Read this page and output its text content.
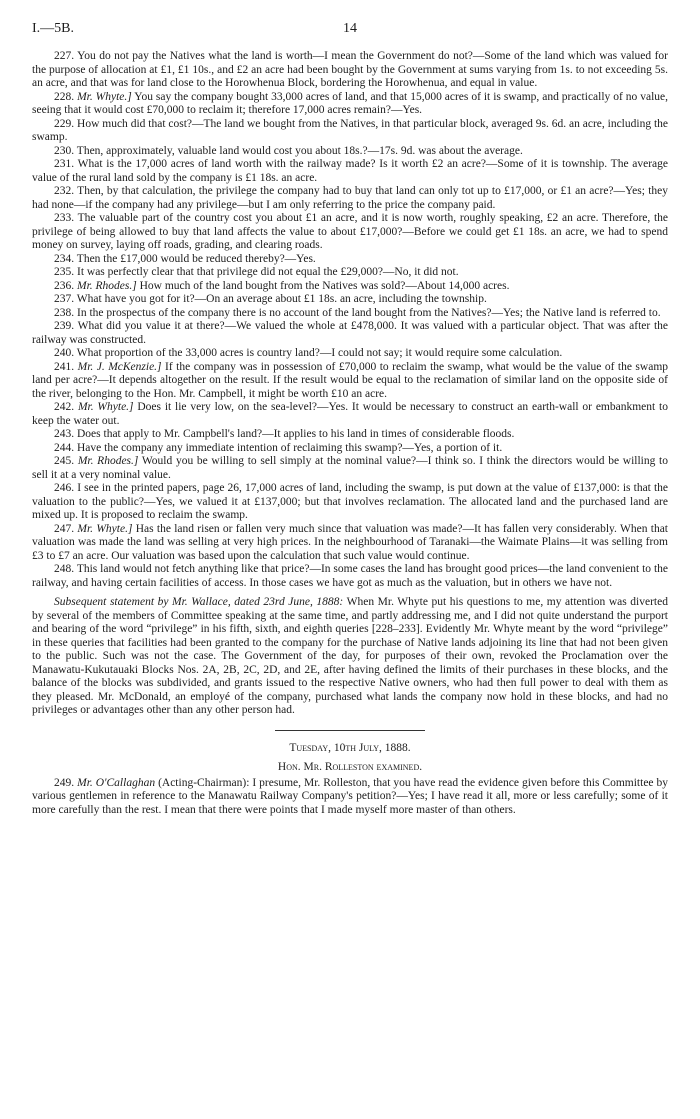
I.—5B.	14

227. You do not pay the Natives what the land is worth—I mean the Government do not?—Some of the land which was valued for the purpose of allocation at £1, £1 10s., and £2 an acre had been bought by the Government at sums varying from 1s. to not exceeding 5s. an acre, and that was for land close to the Horowhenua Block, bordering the Horowhenua, and equal in value.

228. Mr. Whyte.] You say the company bought 33,000 acres of land, and that 15,000 acres of it is swamp, and practically of no value, seeing that it would cost £70,000 to reclaim it; therefore 17,000 acres remain?—Yes.

229. How much did that cost?—The land we bought from the Natives, in that particular block, averaged 9s. 6d. an acre, including the swamp.

230. Then, approximately, valuable land would cost you about 18s.?—17s. 9d. was about the average.

231. What is the 17,000 acres of land worth with the railway made? Is it worth £2 an acre?—Some of it is township. The average value of the rural land sold by the company is £1 18s. an acre.

232. Then, by that calculation, the privilege the company had to buy that land can only tot up to £17,000, or £1 an acre?—Yes; they had none—if the company had any privilege—but I am only referring to the price the company paid.

233. The valuable part of the country cost you about £1 an acre, and it is now worth, roughly speaking, £2 an acre. Therefore, the privilege of being allowed to buy that land affects the value to about £17,000?—Before we could get £1 18s. an acre, we had to spend money on survey, laying off roads, grading, and clearing roads.

234. Then the £17,000 would be reduced thereby?—Yes.

235. It was perfectly clear that that privilege did not equal the £29,000?—No, it did not.

236. Mr. Rhodes.] How much of the land bought from the Natives was sold?—About 14,000 acres.

237. What have you got for it?—On an average about £1 18s. an acre, including the township.

238. In the prospectus of the company there is no account of the land bought from the Natives?—Yes; the Native land is referred to.

239. What did you value it at there?—We valued the whole at £478,000. It was valued with a particular object. That was after the railway was constructed.

240. What proportion of the 33,000 acres is country land?—I could not say; it would require some calculation.

241. Mr. J. McKenzie.] If the company was in possession of £70,000 to reclaim the swamp, what would be the value of the swamp land per acre?—It depends altogether on the result. If the result would be equal to the reclamation of similar land on the opposite side of the river, belonging to the Hon. Mr. Campbell, it might be worth £10 an acre.

242. Mr. Whyte.] Does it lie very low, on the sea-level?—Yes. It would be necessary to construct an earth-wall or embankment to keep the water out.

243. Does that apply to Mr. Campbell's land?—It applies to his land in times of considerable floods.

244. Have the company any immediate intention of reclaiming this swamp?—Yes, a portion of it.

245. Mr. Rhodes.] Would you be willing to sell simply at the nominal value?—I think so. I think the directors would be willing to sell it at a very nominal value.

246. I see in the printed papers, page 26, 17,000 acres of land, including the swamp, is put down at the value of £137,000: is that the valuation to the public?—Yes, we valued it at £137,000; but that involves reclamation. The allocated land and the purchased land are mixed up. It is proposed to reclaim the swamp.

247. Mr. Whyte.] Has the land risen or fallen very much since that valuation was made?—It has fallen very considerably. When that valuation was made the land was selling at very high prices. In the neighbourhood of Taranaki—the Waimate Plains—it was selling from £3 to £7 an acre. Our valuation was based upon the calculation that such value would continue.

248. This land would not fetch anything like that price?—In some cases the land has brought good prices—the land convenient to the railway, and having certain facilities of access. In those cases we have got as much as the valuation, but in others we have not.

Subsequent statement by Mr. Wallace, dated 23rd June, 1888: When Mr. Whyte put his questions to me, my attention was diverted by several of the members of Committee speaking at the same time, and partly addressing me, and I did not quite understand the purport and bearing of the word “privilege” in his fifth, sixth, and eighth queries [228–233]. Evidently Mr. Whyte meant by the word “privilege” in these queries that facilities had been granted to the company for the purchase of Native lands adjoining its line that had not been given to the public. Such was not the case. The Government of the day, for purposes of their own, revoked the Proclamation over the Manawatu-Kukutauaki Blocks Nos. 2A, 2B, 2C, 2D, and 2E, after having defined the limits of their purchases in these blocks, and the balance of the blocks was subdivided, and grants issued to the respective Native owners, who had then full power to deal with them as they pleased. Mr. McDonald, an employé of the company, purchased what lands the company now hold in these blocks, and had no privileges or advantages other than any other person had.

Tuesday, 10th July, 1888.

Hon. Mr. Rolleston examined.

249. Mr. O'Callaghan (Acting-Chairman): I presume, Mr. Rolleston, that you have read the evidence given before this Committee by various gentlemen in reference to the Manawatu Railway Company's petition?—Yes; I have read it all, more or less carefully; some of it more carefully than the rest. I mean that there were points that I made myself more master of than others.
